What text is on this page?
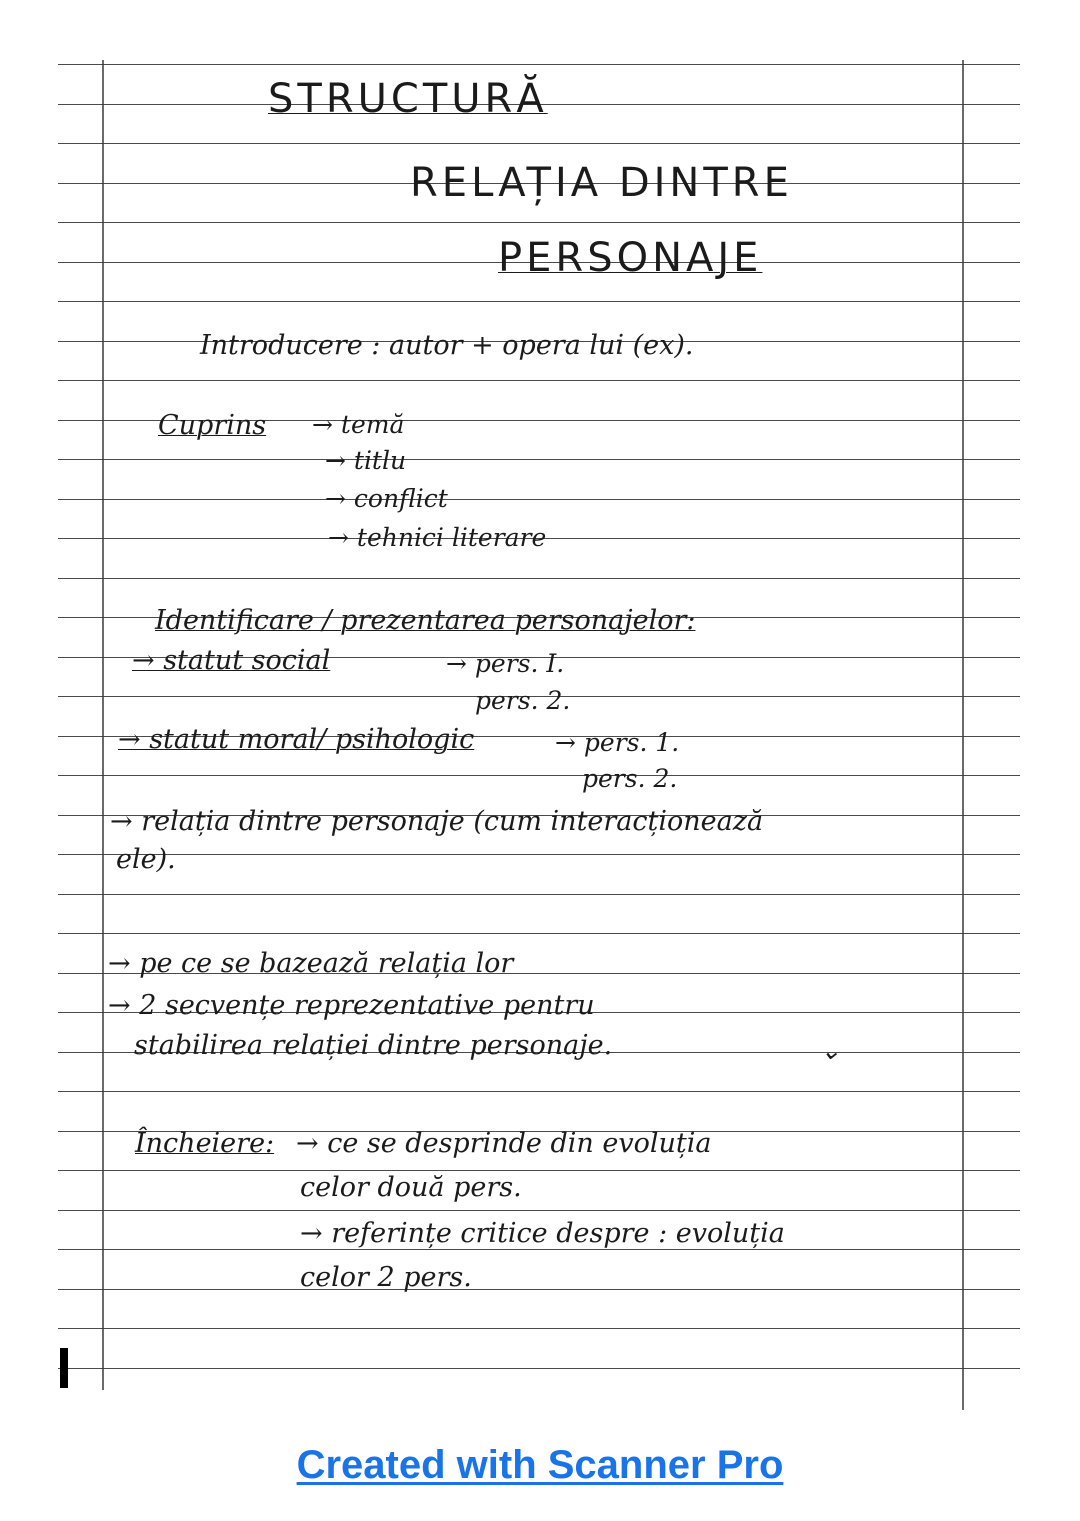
STRUCTURĂ
RELAȚIA DINTRE
PERSONAJE
Introducere : autor + opera lui (ex).
Cuprins → temă
→ titlu
→ conflict
→ tehnici literare
Identificare / prezentarea personajelor:
→ statut social	→ pers. I.
pers. 2.
→ statut moral/ psihologic	→ pers. 1.
pers. 2.
→ relația dintre personaje (cum interacționează
ele).
→ pe ce se bazează relația lor
→ 2 secvențe reprezentative pentru
stabilirea relației dintre personaje.	⌄
Încheiere: → ce se desprinde din evoluția
celor două pers.
→ referințe critice despre : evoluția
celor 2 pers.
Created with Scanner Pro
